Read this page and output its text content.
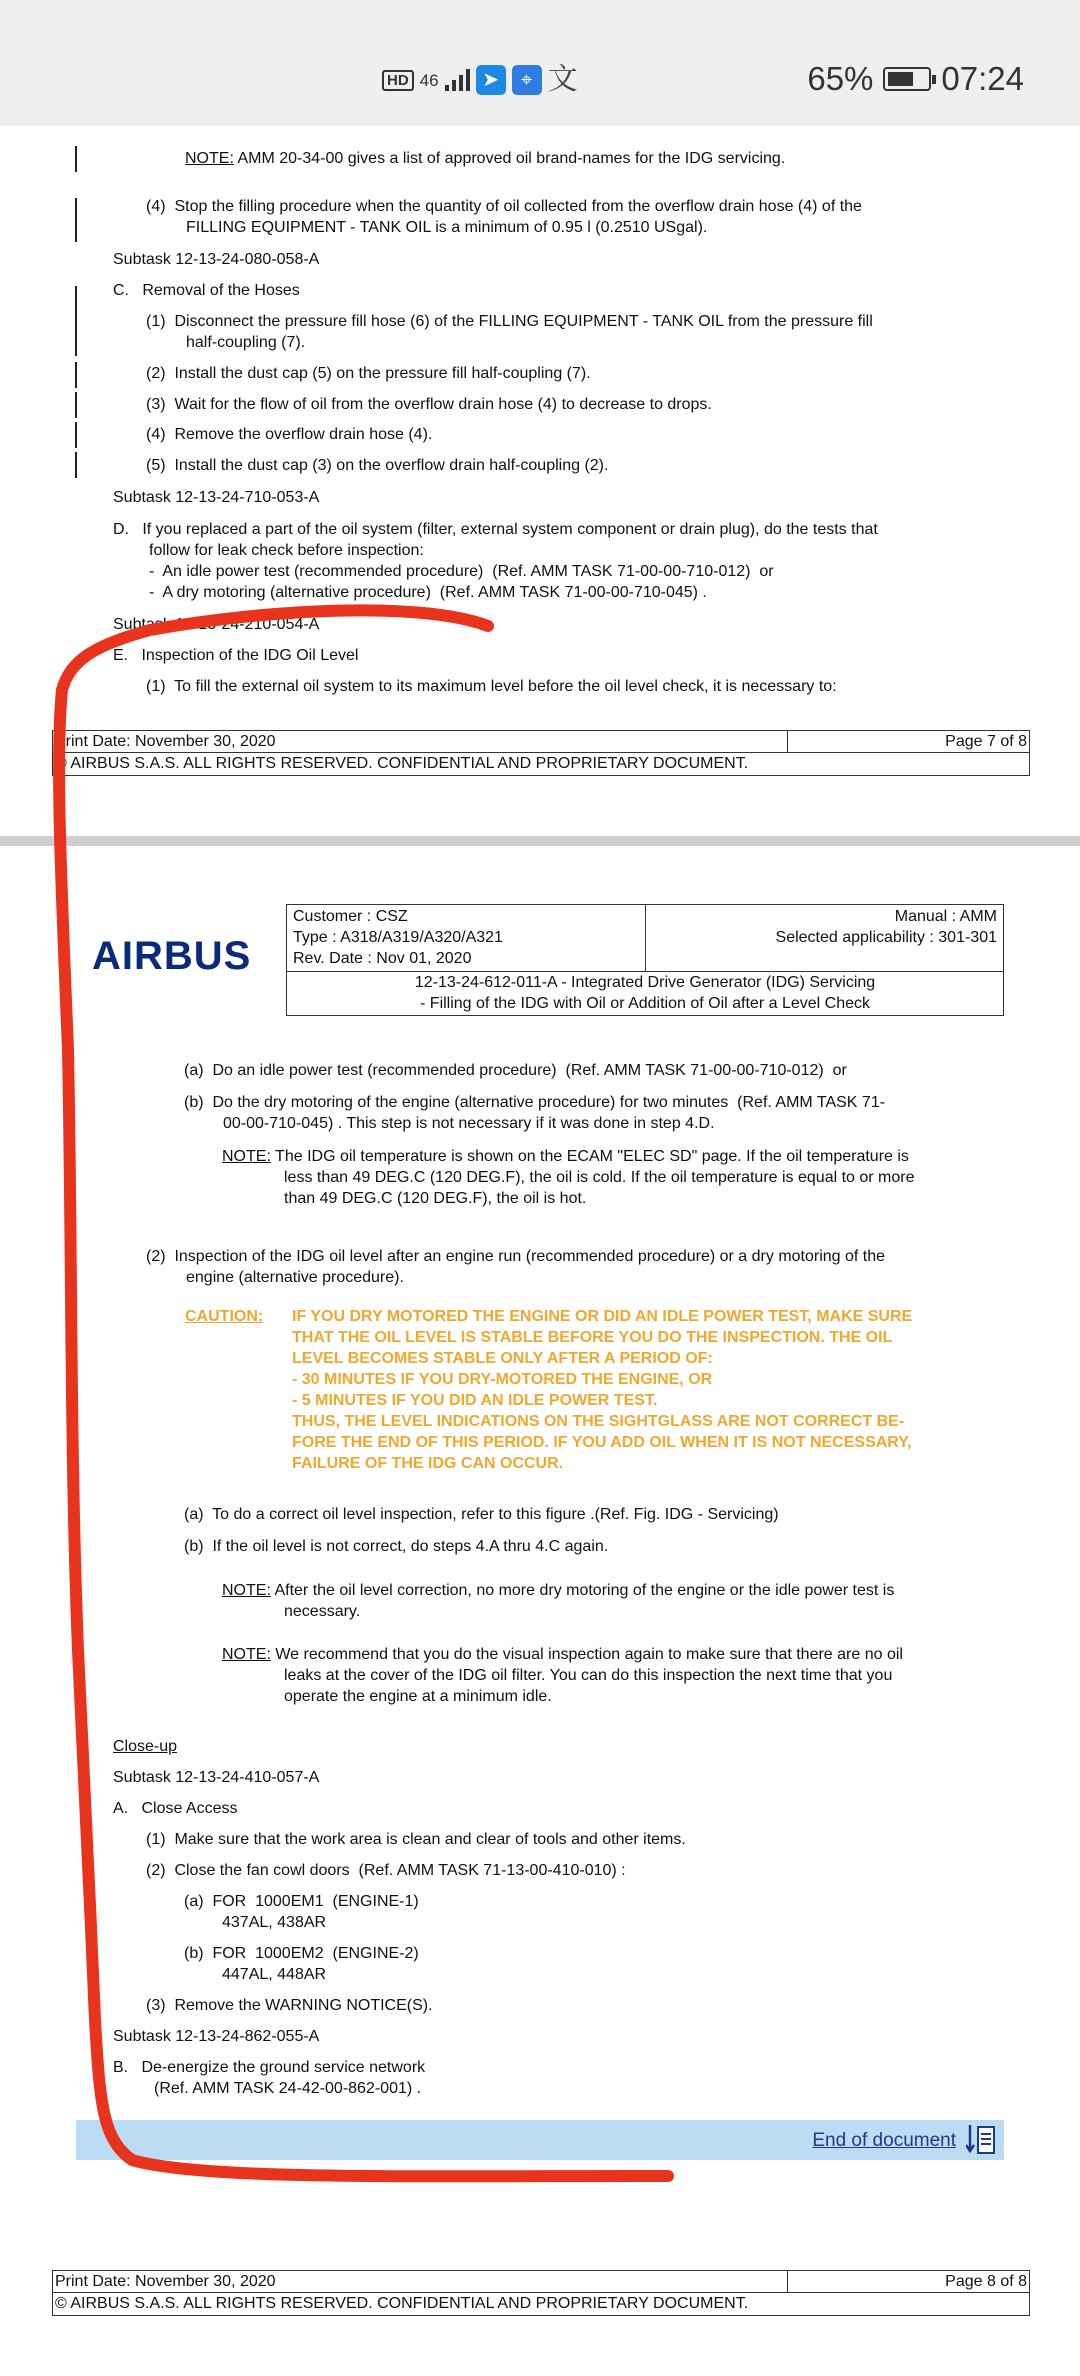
HD 46	➤	⌖ 文	65% 07:24
NOTE: AMM 20-34-00 gives a list of approved oil brand-names for the IDG servicing.
(4)  Stop the filling procedure when the quantity of oil collected from the overflow drain hose (4) of the
FILLING EQUIPMENT - TANK OIL is a minimum of 0.95 l (0.2510 USgal).
Subtask 12-13-24-080-058-A
C.   Removal of the Hoses
(1)  Disconnect the pressure fill hose (6) of the FILLING EQUIPMENT - TANK OIL from the pressure fill
half-coupling (7).
(2)  Install the dust cap (5) on the pressure fill half-coupling (7).
(3)  Wait for the flow of oil from the overflow drain hose (4) to decrease to drops.
(4)  Remove the overflow drain hose (4).
(5)  Install the dust cap (3) on the overflow drain half-coupling (2).
Subtask 12-13-24-710-053-A
D.   If you replaced a part of the oil system (filter, external system component or drain plug), do the tests that
follow for leak check before inspection:
-  An idle power test (recommended procedure)  (Ref. AMM TASK 71-00-00-710-012)  or
-  A dry motoring (alternative procedure)  (Ref. AMM TASK 71-00-00-710-045) .
Subtask 12-13-24-210-054-A
E.   Inspection of the IDG Oil Level
(1)  To fill the external oil system to its maximum level before the oil level check, it is necessary to:
Print Date: November 30, 2020	Page 7 of 8
© AIRBUS S.A.S. ALL RIGHTS RESERVED. CONFIDENTIAL AND PROPRIETARY DOCUMENT.
AIRBUS
Customer : CSZ
Type : A318/A319/A320/A321
Rev. Date : Nov 01, 2020
Manual : AMM
Selected applicability : 301-301
12-13-24-612-011-A - Integrated Drive Generator (IDG) Servicing
- Filling of the IDG with Oil or Addition of Oil after a Level Check
(a)  Do an idle power test (recommended procedure)  (Ref. AMM TASK 71-00-00-710-012)  or
(b)  Do the dry motoring of the engine (alternative procedure) for two minutes  (Ref. AMM TASK 71-
00-00-710-045) . This step is not necessary if it was done in step 4.D.
NOTE: The IDG oil temperature is shown on the ECAM "ELEC SD" page. If the oil temperature is
less than 49 DEG.C (120 DEG.F), the oil is cold. If the oil temperature is equal to or more
than 49 DEG.C (120 DEG.F), the oil is hot.
(2)  Inspection of the IDG oil level after an engine run (recommended procedure) or a dry motoring of the
engine (alternative procedure).
CAUTION: IF YOU DRY MOTORED THE ENGINE OR DID AN IDLE POWER TEST, MAKE SURE
THAT THE OIL LEVEL IS STABLE BEFORE YOU DO THE INSPECTION. THE OIL
LEVEL BECOMES STABLE ONLY AFTER A PERIOD OF:
- 30 MINUTES IF YOU DRY-MOTORED THE ENGINE, OR
- 5 MINUTES IF YOU DID AN IDLE POWER TEST.
THUS, THE LEVEL INDICATIONS ON THE SIGHTGLASS ARE NOT CORRECT BE-
FORE THE END OF THIS PERIOD. IF YOU ADD OIL WHEN IT IS NOT NECESSARY,
FAILURE OF THE IDG CAN OCCUR.
(a)  To do a correct oil level inspection, refer to this figure .(Ref. Fig. IDG - Servicing)
(b)  If the oil level is not correct, do steps 4.A thru 4.C again.
NOTE: After the oil level correction, no more dry motoring of the engine or the idle power test is
necessary.
NOTE: We recommend that you do the visual inspection again to make sure that there are no oil
leaks at the cover of the IDG oil filter. You can do this inspection the next time that you
operate the engine at a minimum idle.
Close-up
Subtask 12-13-24-410-057-A
A.   Close Access
(1)  Make sure that the work area is clean and clear of tools and other items.
(2)  Close the fan cowl doors  (Ref. AMM TASK 71-13-00-410-010) :
(a)  FOR  1000EM1  (ENGINE-1)
437AL, 438AR
(b)  FOR  1000EM2  (ENGINE-2)
447AL, 448AR
(3)  Remove the WARNING NOTICE(S).
Subtask 12-13-24-862-055-A
B.   De-energize the ground service network
(Ref. AMM TASK 24-42-00-862-001) .
End of document
Print Date: November 30, 2020	Page 8 of 8
© AIRBUS S.A.S. ALL RIGHTS RESERVED. CONFIDENTIAL AND PROPRIETARY DOCUMENT.
